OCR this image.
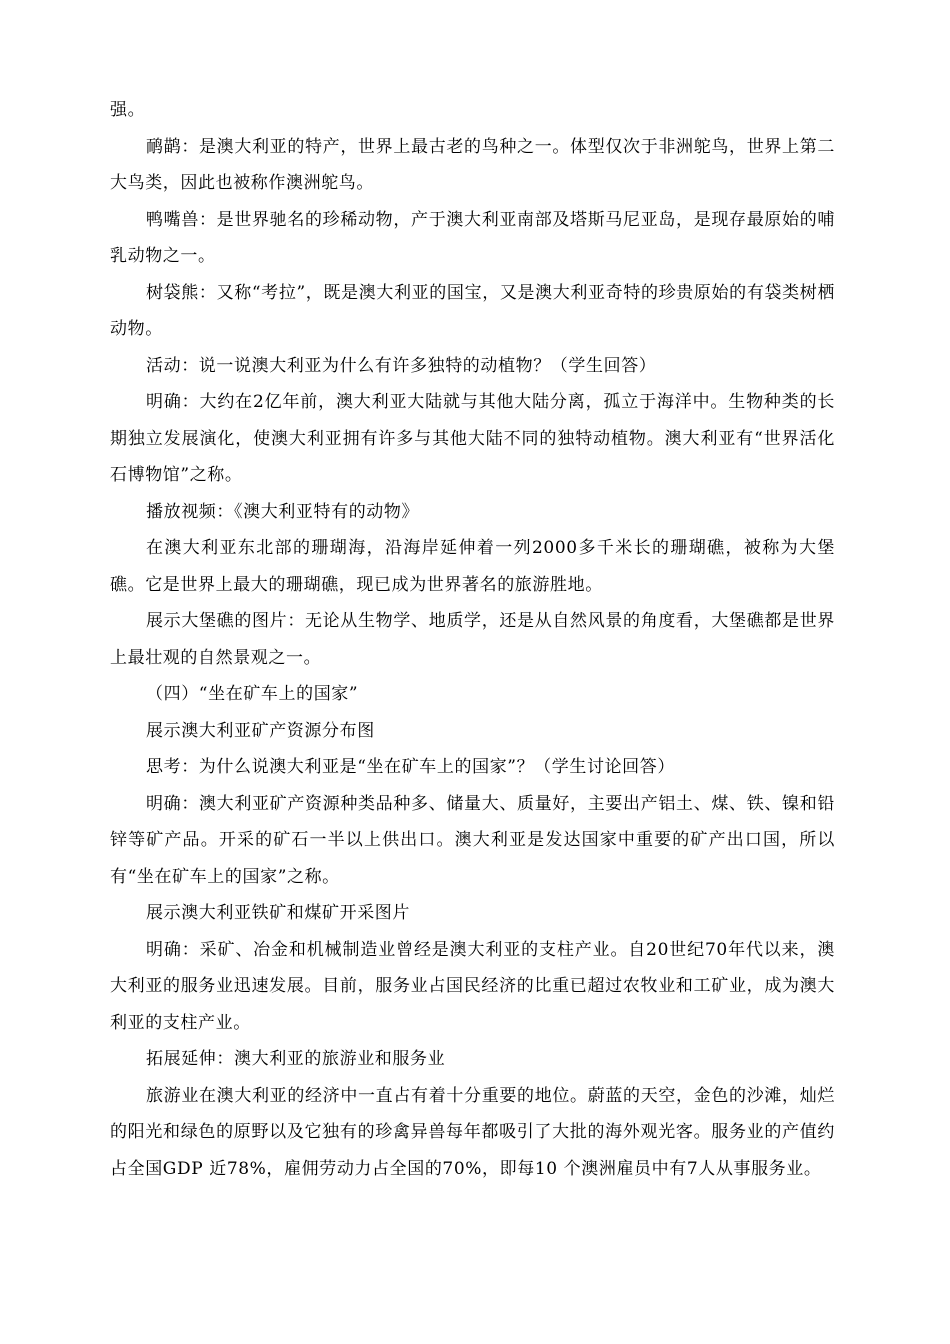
强。

鸸鹋：是澳大利亚的特产，世界上最古老的鸟种之一。体型仅次于非洲鸵鸟，世界上第二大鸟类，因此也被称作澳洲鸵鸟。

鸭嘴兽：是世界驰名的珍稀动物，产于澳大利亚南部及塔斯马尼亚岛，是现存最原始的哺乳动物之一。

树袋熊：又称“考拉”，既是澳大利亚的国宝，又是澳大利亚奇特的珍贵原始的有袋类树栖动物。

活动：说一说澳大利亚为什么有许多独特的动植物？（学生回答）

明确：大约在2亿年前，澳大利亚大陆就与其他大陆分离，孤立于海洋中。生物种类的长期独立发展演化，使澳大利亚拥有许多与其他大陆不同的独特动植物。澳大利亚有“世界活化石博物馆”之称。

播放视频：《澳大利亚特有的动物》

在澳大利亚东北部的珊瑚海，沿海岸延伸着一列2000多千米长的珊瑚礁，被称为大堡礁。它是世界上最大的珊瑚礁，现已成为世界著名的旅游胜地。

展示大堡礁的图片：无论从生物学、地质学，还是从自然风景的角度看，大堡礁都是世界上最壮观的自然景观之一。

（四）“坐在矿车上的国家”

展示澳大利亚矿产资源分布图

思考：为什么说澳大利亚是“坐在矿车上的国家”？（学生讨论回答）

明确：澳大利亚矿产资源种类品种多、储量大、质量好，主要出产铝土、煤、铁、镍和铅锌等矿产品。开采的矿石一半以上供出口。澳大利亚是发达国家中重要的矿产出口国，所以有“坐在矿车上的国家”之称。

展示澳大利亚铁矿和煤矿开采图片

明确：采矿、冶金和机械制造业曾经是澳大利亚的支柱产业。自20世纪70年代以来，澳大利亚的服务业迅速发展。目前，服务业占国民经济的比重已超过农牧业和工矿业，成为澳大利亚的支柱产业。

拓展延伸：澳大利亚的旅游业和服务业

旅游业在澳大利亚的经济中一直占有着十分重要的地位。蔚蓝的天空，金色的沙滩，灿烂的阳光和绿色的原野以及它独有的珍禽异兽每年都吸引了大批的海外观光客。服务业的产值约占全国GDP 近78%，雇佣劳动力占全国的70%，即每10 个澳洲雇员中有7人从事服务业。
